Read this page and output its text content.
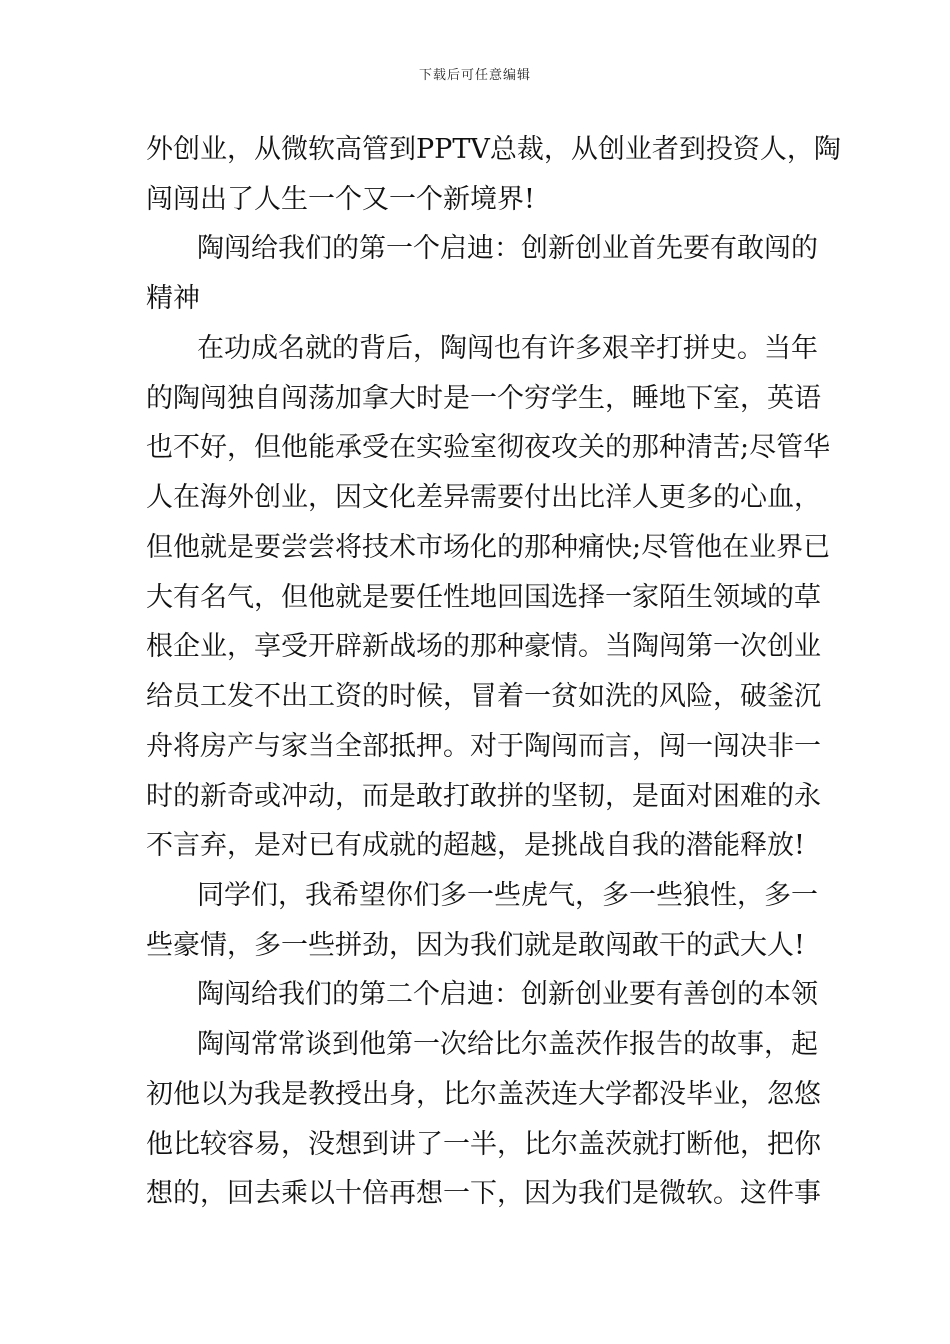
下载后可任意编辑
外创业，从微软高管到PPTV总裁，从创业者到投资人，陶
闯闯出了人生一个又一个新境界!
陶闯给我们的第一个启迪：创新创业首先要有敢闯的
精神
在功成名就的背后，陶闯也有许多艰辛打拼史。当年
的陶闯独自闯荡加拿大时是一个穷学生，睡地下室，英语
也不好，但他能承受在实验室彻夜攻关的那种清苦;尽管华
人在海外创业，因文化差异需要付出比洋人更多的心血，
但他就是要尝尝将技术市场化的那种痛快;尽管他在业界已
大有名气，但他就是要任性地回国选择一家陌生领域的草
根企业，享受开辟新战场的那种豪情。当陶闯第一次创业
给员工发不出工资的时候，冒着一贫如洗的风险，破釜沉
舟将房产与家当全部抵押。对于陶闯而言，闯一闯决非一
时的新奇或冲动，而是敢打敢拼的坚韧，是面对困难的永
不言弃，是对已有成就的超越，是挑战自我的潜能释放!
同学们，我希望你们多一些虎气，多一些狼性，多一
些豪情，多一些拼劲，因为我们就是敢闯敢干的武大人!
陶闯给我们的第二个启迪：创新创业要有善创的本领
陶闯常常谈到他第一次给比尔盖茨作报告的故事，起
初他以为我是教授出身，比尔盖茨连大学都没毕业，忽悠
他比较容易，没想到讲了一半，比尔盖茨就打断他，把你
想的，回去乘以十倍再想一下，因为我们是微软。这件事
